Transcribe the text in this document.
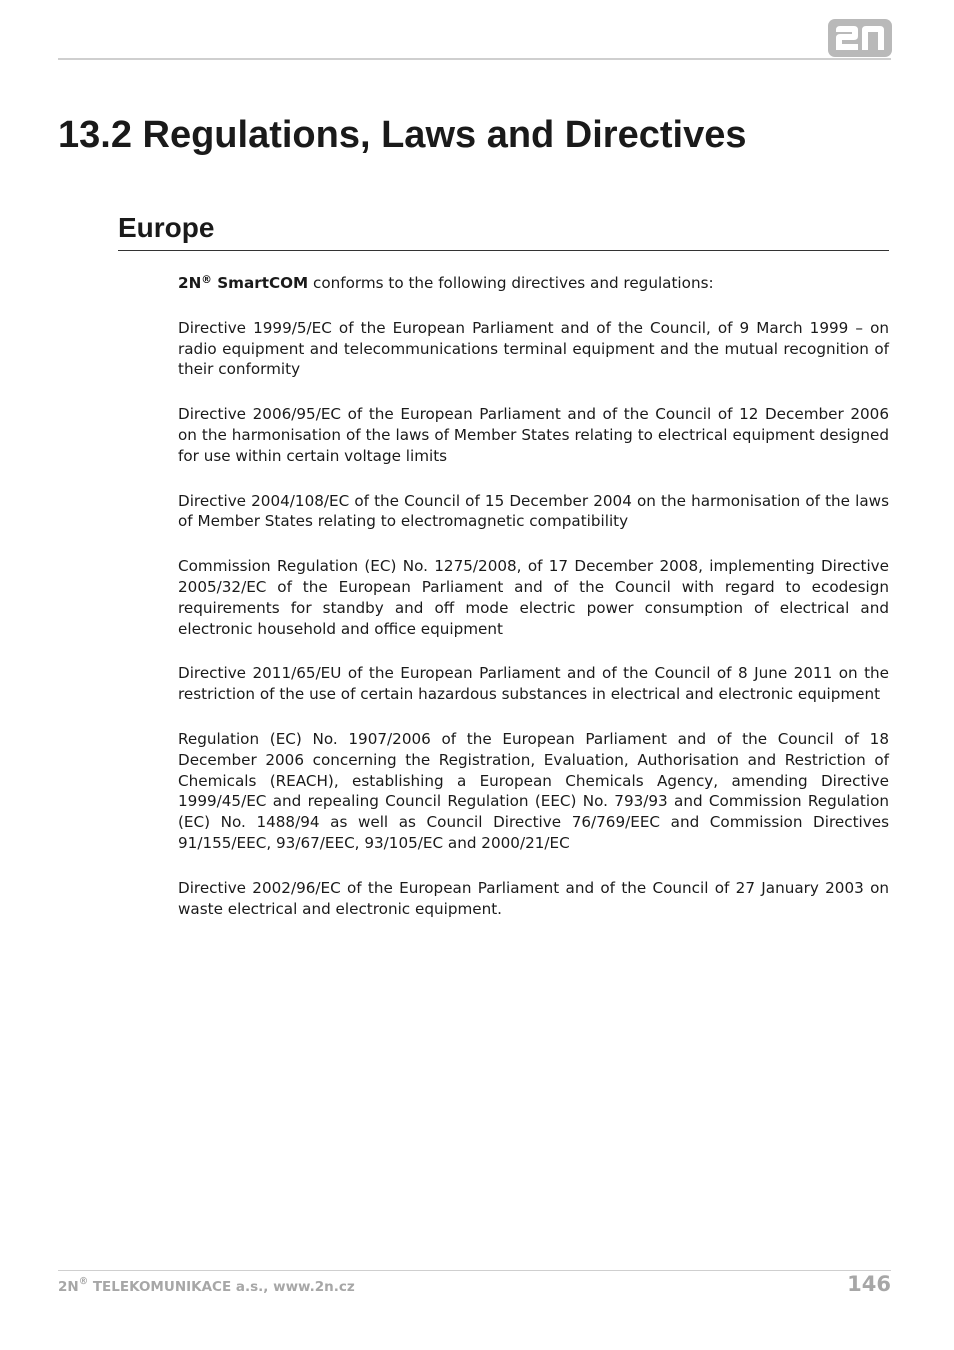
2N
13.2 Regulations, Laws and Directives
Europe

2N® SmartCOM conforms to the following directives and regulations:

Directive 1999/5/EC of the European Parliament and of the Council, of 9 March 1999 – on radio equipment and telecommunications terminal equipment and the mutual recognition of their conformity

Directive 2006/95/EC of the European Parliament and of the Council of 12 December 2006 on the harmonisation of the laws of Member States relating to electrical equipment designed for use within certain voltage limits

Directive 2004/108/EC of the Council of 15 December 2004 on the harmonisation of the laws of Member States relating to electromagnetic compatibility

Commission Regulation (EC) No. 1275/2008, of 17 December 2008, implementing Directive 2005/32/EC of the European Parliament and of the Council with regard to ecodesign requirements for standby and off mode electric power consumption of electrical and electronic household and office equipment

Directive 2011/65/EU of the European Parliament and of the Council of 8 June 2011 on the restriction of the use of certain hazardous substances in electrical and electronic equipment

Regulation (EC) No. 1907/2006 of the European Parliament and of the Council of 18 December 2006 concerning the Registration, Evaluation, Authorisation and Restriction of Chemicals (REACH), establishing a European Chemicals Agency, amending Directive 1999/45/EC and repealing Council Regulation (EEC) No. 793/93 and Commission Regulation (EC) No. 1488/94 as well as Council Directive 76/769/EEC and Commission Directives 91/155/EEC, 93/67/EEC, 93/105/EC and 2000/21/EC

Directive 2002/96/EC of the European Parliament and of the Council of 27 January 2003 on waste electrical and electronic equipment.

2N® TELEKOMUNIKACE a.s., www.2n.cz	146
